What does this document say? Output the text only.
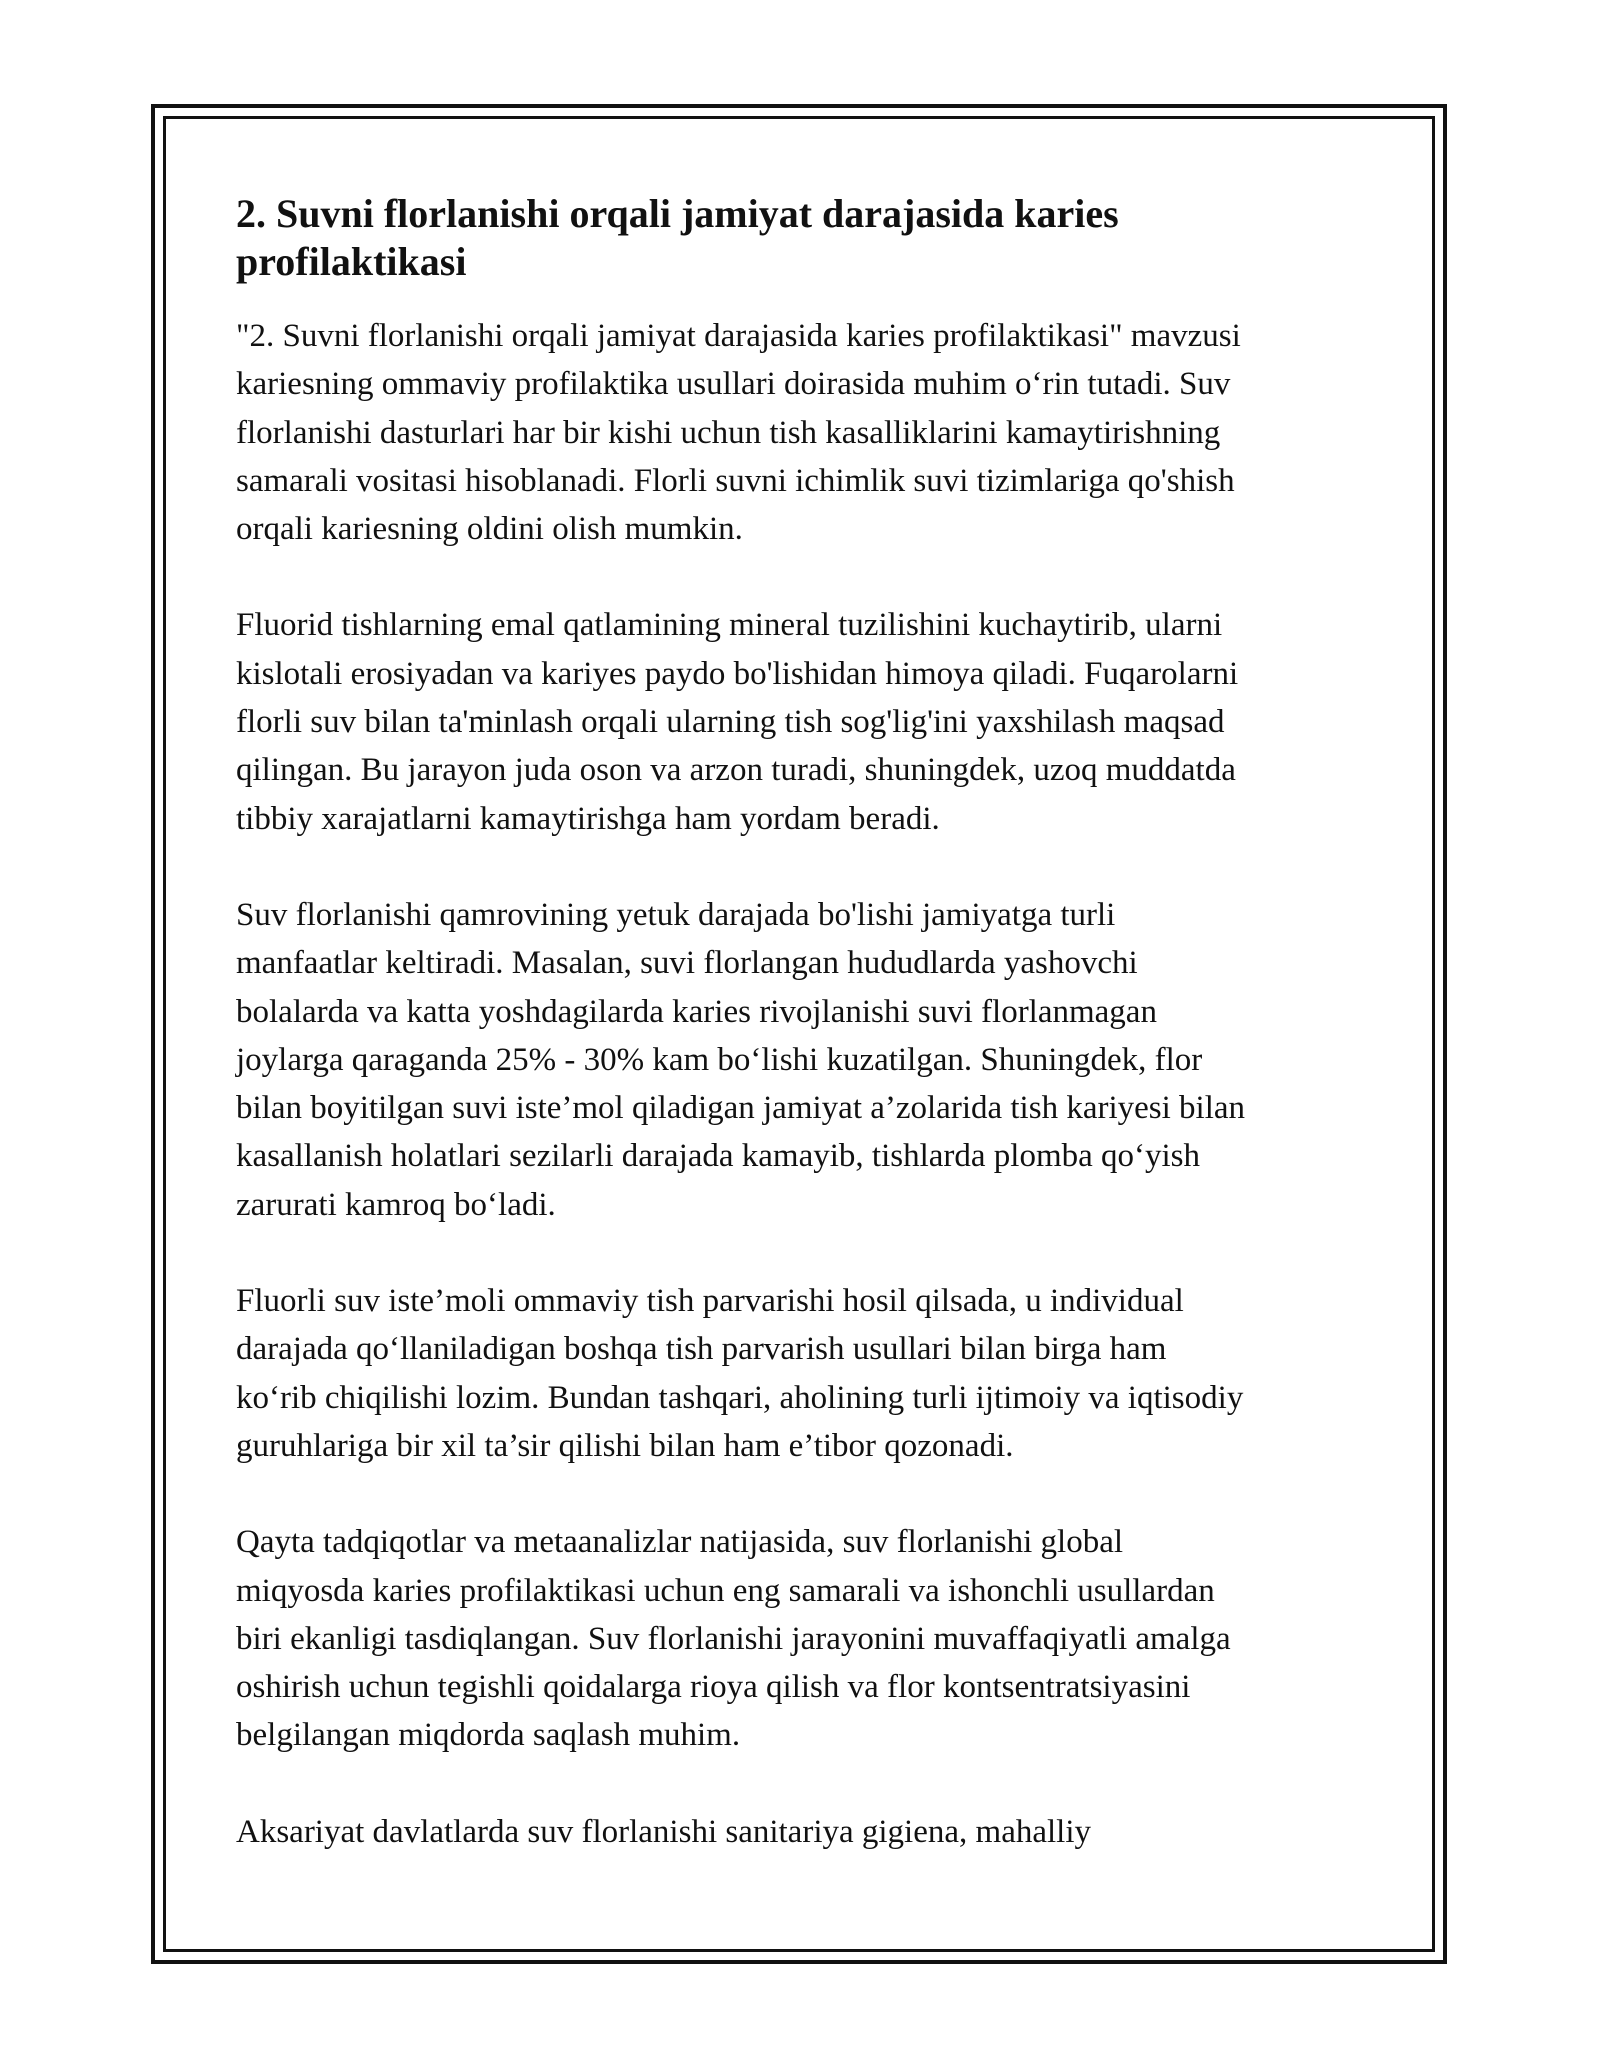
2. Suvni florlanishi orqali jamiyat darajasida karies
profilaktikasi

"2. Suvni florlanishi orqali jamiyat darajasida karies profilaktikasi" mavzusi
kariesning ommaviy profilaktika usullari doirasida muhim o‘rin tutadi. Suv
florlanishi dasturlari har bir kishi uchun tish kasalliklarini kamaytirishning
samarali vositasi hisoblanadi. Florli suvni ichimlik suvi tizimlariga qo'shish
orqali kariesning oldini olish mumkin.

Fluorid tishlarning emal qatlamining mineral tuzilishini kuchaytirib, ularni
kislotali erosiyadan va kariyes paydo bo'lishidan himoya qiladi. Fuqarolarni
florli suv bilan ta'minlash orqali ularning tish sog'lig'ini yaxshilash maqsad
qilingan. Bu jarayon juda oson va arzon turadi, shuningdek, uzoq muddatda
tibbiy xarajatlarni kamaytirishga ham yordam beradi.

Suv florlanishi qamrovining yetuk darajada bo'lishi jamiyatga turli
manfaatlar keltiradi. Masalan, suvi florlangan hududlarda yashovchi
bolalarda va katta yoshdagilarda karies rivojlanishi suvi florlanmagan
joylarga qaraganda 25% - 30% kam bo‘lishi kuzatilgan. Shuningdek, flor
bilan boyitilgan suvi iste’mol qiladigan jamiyat a’zolarida tish kariyesi bilan
kasallanish holatlari sezilarli darajada kamayib, tishlarda plomba qo‘yish
zarurati kamroq bo‘ladi.

Fluorli suv iste’moli ommaviy tish parvarishi hosil qilsada, u individual
darajada qo‘llaniladigan boshqa tish parvarish usullari bilan birga ham
ko‘rib chiqilishi lozim. Bundan tashqari, aholining turli ijtimoiy va iqtisodiy
guruhlariga bir xil ta’sir qilishi bilan ham e’tibor qozonadi.

Qayta tadqiqotlar va metaanalizlar natijasida, suv florlanishi global
miqyosda karies profilaktikasi uchun eng samarali va ishonchli usullardan
biri ekanligi tasdiqlangan. Suv florlanishi jarayonini muvaffaqiyatli amalga
oshirish uchun tegishli qoidalarga rioya qilish va flor kontsentratsiyasini
belgilangan miqdorda saqlash muhim.

Aksariyat davlatlarda suv florlanishi sanitariya gigiena, mahalliy
